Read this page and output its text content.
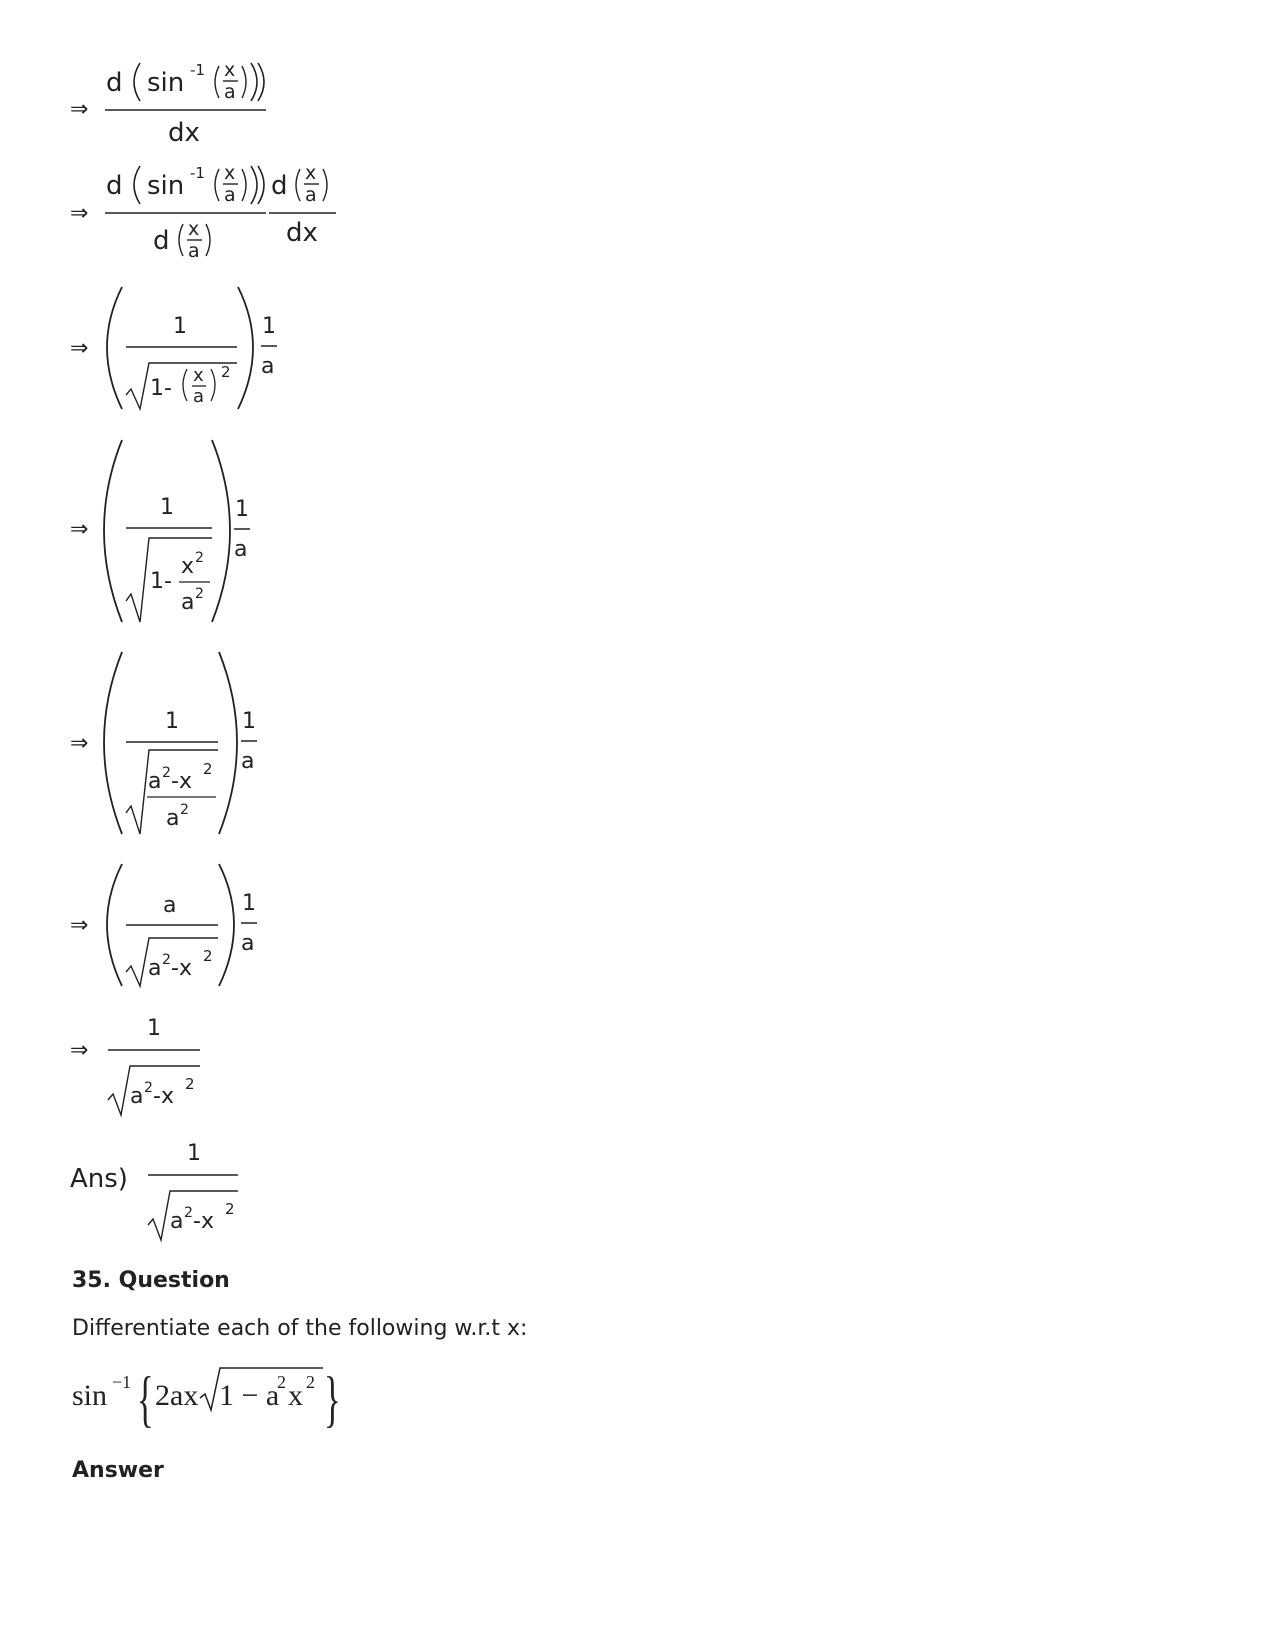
⇒
d sin -1 x
a
dx
⇒
d sin -1 x
a
d x
a
d x
a
dx
⇒
1
1-
x
a
2
1
a
⇒
1
1-
x 2
a 2
1
a
⇒
1
a 2 -x 2
a 2
1
a
⇒
a
a 2 -x 2
1
a
⇒
1
a 2 -x 2
Ans)
1
a 2 -x 2
35. Question
Differentiate each of the following w.r.t x:
sin −1 { 2ax 1 − a
2 x 2 }
Answer
